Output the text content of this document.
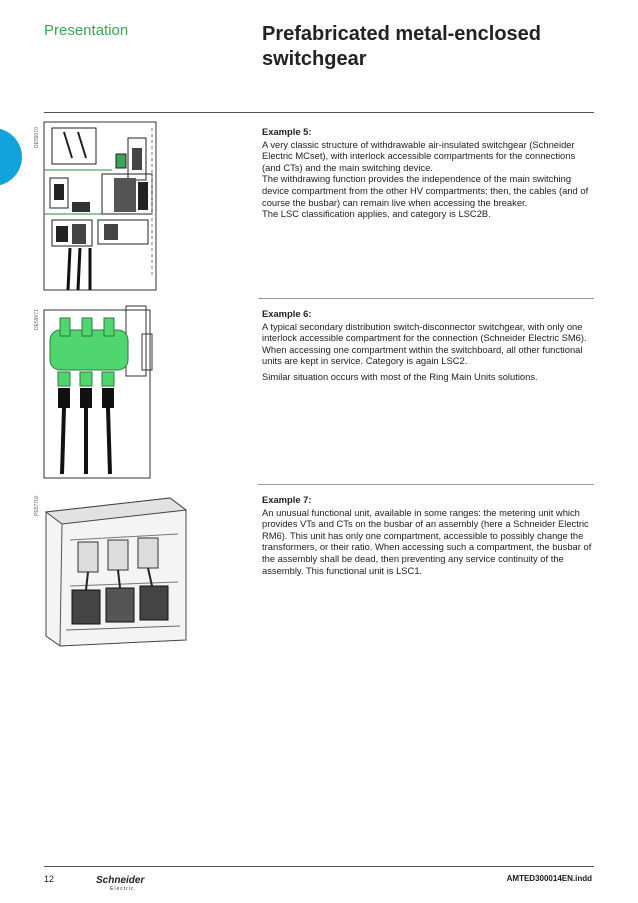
Presentation	Prefabricated metal-enclosed switchgear
DE59070	Example 5:

A very classic structure of withdrawable air-insulated switchgear (Schneider Electric MCset), with interlock accessible compartments for the connections (and CTs) and the main switching device.

The withdrawing function provides the independence of the main switching device compartment from the other HV compartments; then, the cables (and of course the busbar) can remain live when accessing the breaker.

The LSC classification applies, and category is LSC2B.

DE59071	Example 6:

A typical secondary distribution switch-disconnector switchgear, with only one interlock accessible compartment for the connection (Schneider Electric SM6).

When accessing one compartment within the switchboard, all other functional units are kept in service. Category is again LSC2.

Similar situation occurs with most of the Ring Main Units solutions.

PE57702	Example 7:

An unusual functional unit, available in some ranges: the metering unit which provides VTs and CTs on the busbar of an assembly (here a Schneider Electric RM6). This unit has only one compartment, accessible to possibly change the transformers, or their ratio. When accessing such a compartment, the busbar of the assembly shall be dead, then preventing any service continuity of the assembly. This functional unit is LSC1.

12	Schneider
Electric
AMTED300014EN.indd
